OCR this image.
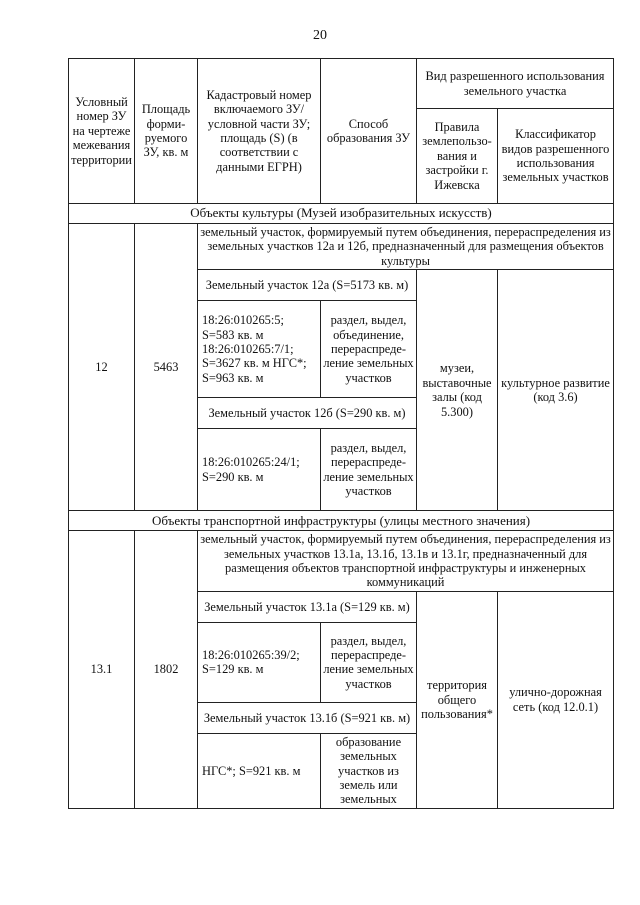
20
Условный номер ЗУ на чертеже межевания территории	Площадь форми-руемого ЗУ, кв. м	Кадастровый номер включаемого ЗУ/ условной части ЗУ; площадь (S) (в соответствии с данными ЕГРН)	Способ образования ЗУ	Вид разрешенного использования земельного участка	
				Правила землепользо-вания и застройки г. Ижевска	Классификатор видов разрешенного использования земельных участков
Объекты культуры (Музей изобразительных искусств)					
12	5463	земельный участок, формируемый путем объединения, перераспределения из земельных участков 12а и 12б, предназначенный для размещения объектов культуры			
		Земельный участок 12а (S=5173 кв. м)		музеи, выставочные залы (код 5.300)	культурное развитие (код 3.6)
		18:26:010265:5; S=583 кв. м 18:26:010265:7/1; S=3627 кв. м НГС*; S=963 кв. м	раздел, выдел, объединение, перераспреде-ление земельных участков		
		Земельный участок 12б (S=290 кв. м)			
		18:26:010265:24/1; S=290 кв. м	раздел, выдел, перераспреде-ление земельных участков		
Объекты транспортной инфраструктуры (улицы местного значения)					
13.1	1802	земельный участок, формируемый путем объединения, перераспределения из земельных участков 13.1а, 13.1б, 13.1в и 13.1г, предназначенный для размещения объектов транспортной инфраструктуры и инженерных коммуникаций			
		Земельный участок 13.1а (S=129 кв. м)		территория общего пользования*	улично-дорожная сеть (код 12.0.1)
		18:26:010265:39/2; S=129 кв. м	раздел, выдел, перераспреде-ление земельных участков		
		Земельный участок 13.1б (S=921 кв. м)			
		НГС*; S=921 кв. м	образование земельных участков из земель или земельных		
